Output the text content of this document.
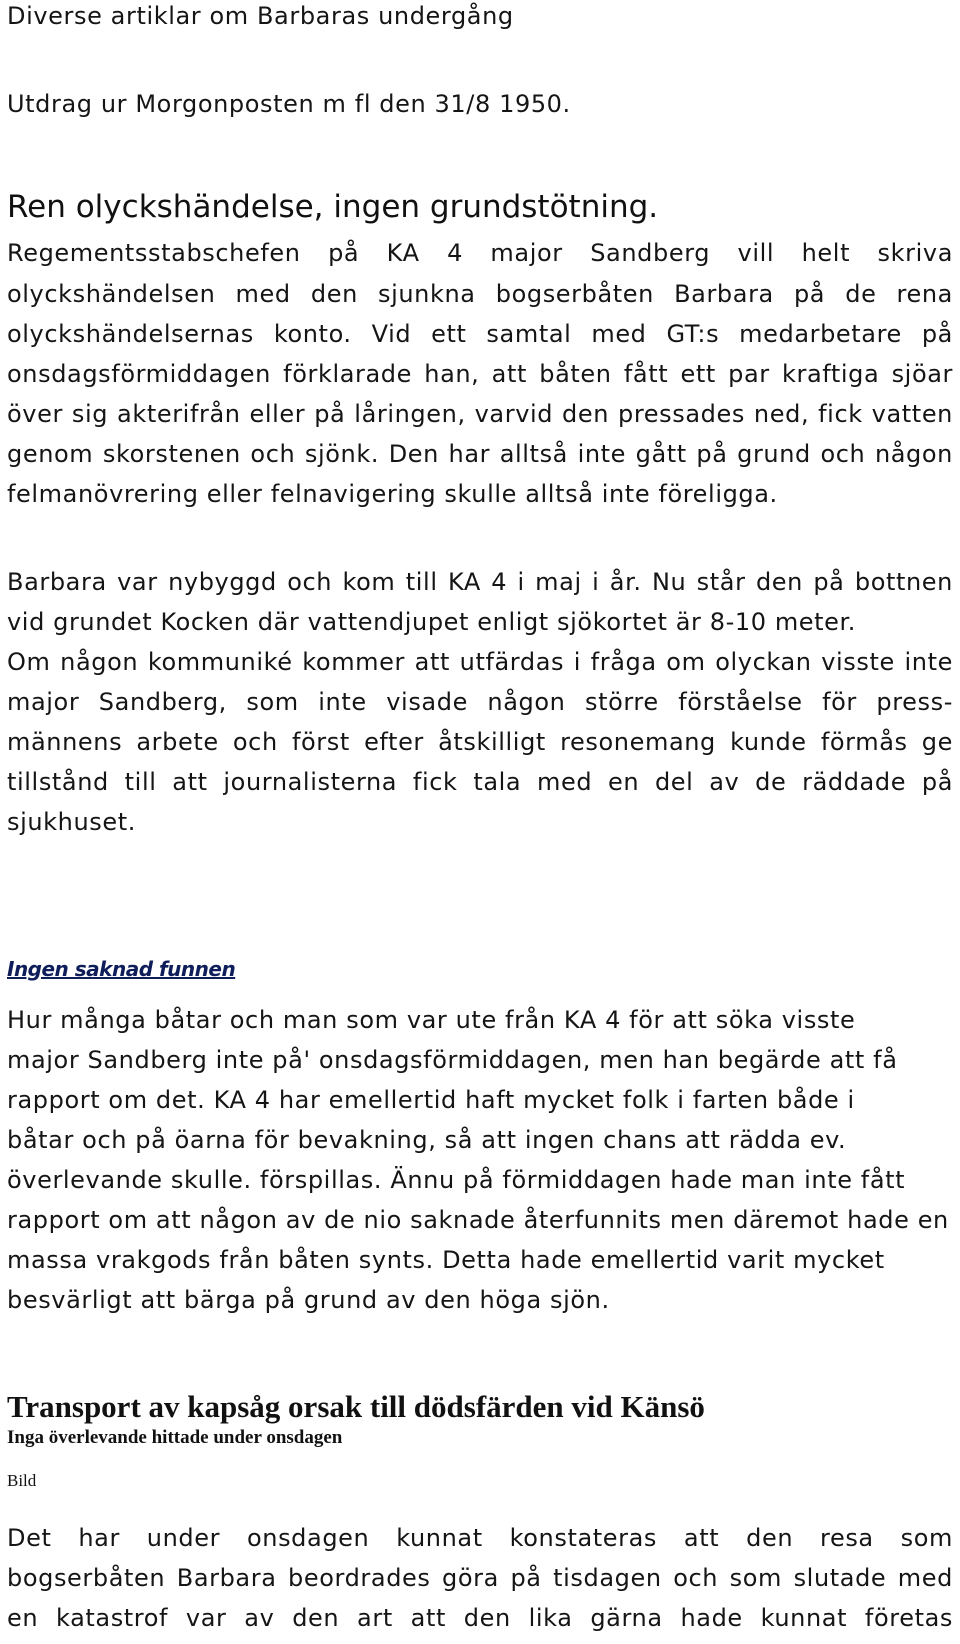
Diverse artiklar om Barbaras undergång
Utdrag ur Morgonposten m fl den 31/8 1950.
Ren olyckshändelse, ingen grundstötning.
Regementsstabschefen på KA 4 major Sandberg vill helt skriva
olyckshändelsen med den sjunkna bogserbåten Barbara på de rena
olyckshändelsernas konto. Vid ett samtal med GT:s medarbetare på
onsdagsförmiddagen förklarade han, att båten fått ett par kraftiga sjöar
över sig akterifrån eller på låringen, varvid den pressades ned, fick vatten
genom skorstenen och sjönk. Den har alltså inte gått på grund och någon
felmanövrering eller felnavigering skulle alltså inte föreligga.
Barbara var nybyggd och kom till KA 4 i maj i år. Nu står den på bottnen
vid grundet Kocken där vattendjupet enligt sjökortet är 8-10 meter.
Om någon kommuniké kommer att utfärdas i fråga om olyckan visste inte
major Sandberg, som inte visade någon större förståelse för press-
männens arbete och först efter åtskilligt resonemang kunde förmås ge
tillstånd till att journalisterna fick tala med en del av de räddade på
sjukhuset.
Ingen saknad funnen
Hur många båtar och man som var ute från KA 4 för att söka visste
major Sandberg inte på' onsdagsförmiddagen, men han begärde att få
rapport om det. KA 4 har emellertid haft mycket folk i farten både i
båtar och på öarna för bevakning, så att ingen chans att rädda ev.
överlevande skulle. förspillas. Ännu på förmiddagen hade man inte fått
rapport om att någon av de nio saknade återfunnits men däremot hade en
massa vrakgods från båten synts. Detta hade emellertid varit mycket
besvärligt att bärga på grund av den höga sjön.
Transport av kapsåg orsak till dödsfärden vid Känsö
Inga överlevande hittade under onsdagen
Bild
Det har under onsdagen kunnat konstateras att den resa som
bogserbåten Barbara beordrades göra på tisdagen och som slutade med
en katastrof var av den art att den lika gärna hade kunnat företas
